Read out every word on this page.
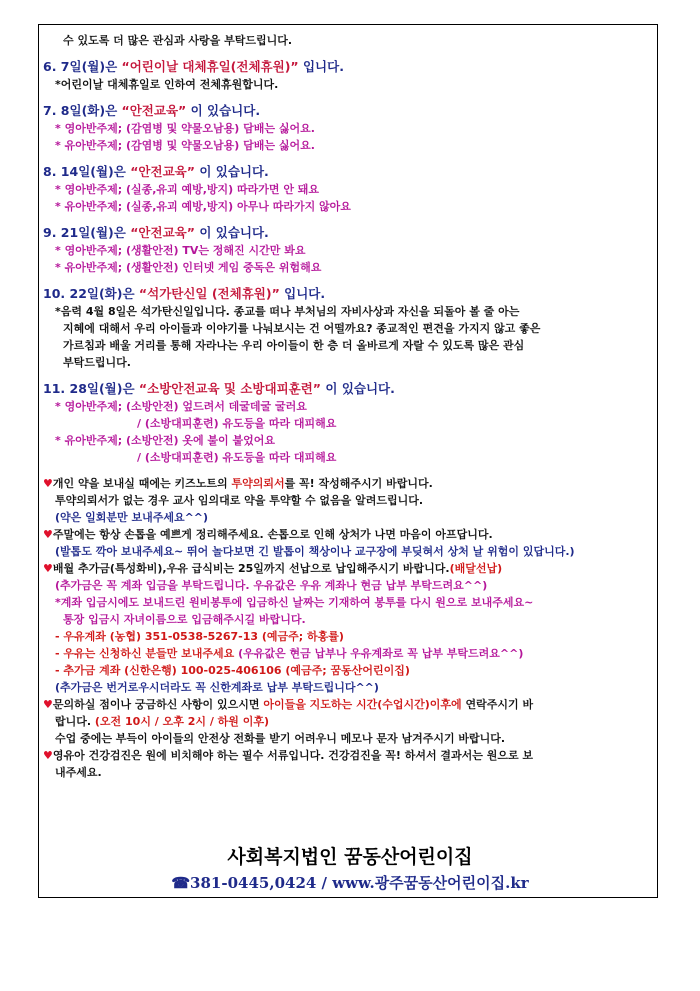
수 있도록 더 많은 관심과 사랑을 부탁드립니다.
6. 7일(월)은 “어린이날 대체휴일(전체휴원)” 입니다.
*어린이날 대체휴일로 인하여 전체휴원합니다.
7. 8일(화)은 “안전교육” 이 있습니다.
* 영아반주제; (감염병 및 약물오남용) 담배는 싫어요.
* 유아반주제; (감염병 및 약물오남용) 담배는 싫어요.
8. 14일(월)은 “안전교육” 이 있습니다.
* 영아반주제; (실종,유괴 예방,방지) 따라가면 안 돼요
* 유아반주제; (실종,유괴 예방,방지) 아무나 따라가지 않아요
9. 21일(월)은 “안전교육” 이 있습니다.
* 영아반주제; (생활안전) TV는 정해진 시간만 봐요
* 유아반주제; (생활안전) 인터넷 게임 중독은 위험해요
10. 22일(화)은 “석가탄신일 (전체휴원)” 입니다.
*음력 4월 8일은 석가탄신일입니다. 종교를 떠나 부처님의 자비사상과 자신을 되돌아 볼 줄 아는
지혜에 대해서 우리 아이들과 이야기를 나눠보시는 건 어떨까요? 종교적인 편견을 가지지 않고 좋은
가르침과 배울 거리를 통해 자라나는 우리 아이들이 한 층 더 올바르게 자랄 수 있도록 많은 관심
부탁드립니다.
11. 28일(월)은 “소방안전교육 및 소방대피훈련” 이 있습니다.
* 영아반주제; (소방안전) 엎드려서 데굴데굴 굴러요
/ (소방대피훈련) 유도등을 따라 대피해요
* 유아반주제; (소방안전) 옷에 불이 붙었어요
/ (소방대피훈련) 유도등을 따라 대피해요
♥개인 약을 보내실 때에는 키즈노트의 투약의뢰서를 꼭! 작성해주시기 바랍니다.
투약의뢰서가 없는 경우 교사 임의대로 약을 투약할 수 없음을 알려드립니다.
(약은 일회분만 보내주세요^^)
♥주말에는 항상 손톱을 예쁘게 정리해주세요. 손톱으로 인해 상처가 나면 마음이 아프답니다.
(발톱도 깍아 보내주세요~ 뛰어 놀다보면 긴 발톱이 책상이나 교구장에 부딪혀서 상처 날 위험이 있답니다.)
♥배월 추가금(특성화비),우유 급식비는 25일까지 선납으로 납입해주시기 바랍니다.(배달선납)
(추가금은 꼭 계좌 입금을 부탁드립니다. 우유값은 우유 계좌나 현금 납부 부탁드려요^^)
*계좌 입금시에도 보내드린 원비봉투에 입금하신 날짜는 기재하여 봉투를 다시 원으로 보내주세요~
통장 입금시 자녀이름으로 입금해주시길 바랍니다.
- 우유계좌 (농협) 351-0538-5267-13 (예금주; 하홍률)
- 우유는 신청하신 분들만 보내주세요 (우유값은 현금 납부나 우유계좌로 꼭 납부 부탁드려요^^)
- 추가금 계좌 (신한은행) 100-025-406106 (예금주; 꿈동산어린이집)
(추가금은 번거로우시더라도 꼭 신한계좌로 납부 부탁드립니다^^)
♥문의하실 점이나 궁금하신 사항이 있으시면 아이들을 지도하는 시간(수업시간)이후에 연락주시기 바
랍니다. (오전 10시 / 오후 2시 / 하원 이후)
수업 중에는 부득이 아이들의 안전상 전화를 받기 어려우니 메모나 문자 남겨주시기 바랍니다.
♥영유아 건강검진은 원에 비치해야 하는 필수 서류입니다. 건강검진을 꼭! 하셔서 결과서는 원으로 보
내주세요.
사회복지법인 꿈동산어린이집
☎381-0445,0424 / www.광주꿈동산어린이집.kr
